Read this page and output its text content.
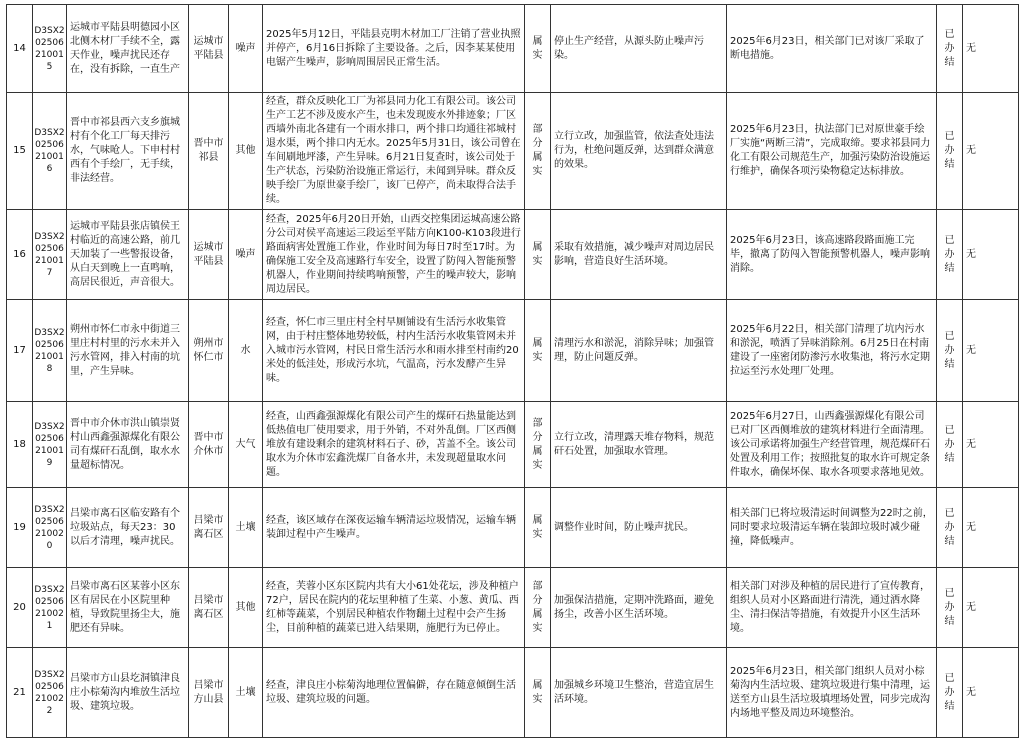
14	D3SX202506210015	运城市平陆县明德园小区北侧木材厂手续不全，露天作业，噪声扰民还存在，没有拆除，一直生产	运城市平陆县	噪声	2025年5月12日，平陆县克明木材加工厂注销了营业执照并停产，6月16日拆除了主要设备。之后，因李某某使用电锯产生噪声，影响周围居民正常生活。	属实	停止生产经营，从源头防止噪声污染。	2025年6月23日，相关部门已对该厂采取了断电措施。	已办结	无
15	D3SX202506210016	晋中市祁县西六支乡旗城村有个化工厂每天排污水，气味呛人。下申村村西有个手绘厂，无手续，非法经营。	晋中市祁县	其他	经查，群众反映化工厂为祁县同力化工有限公司。该公司生产工艺不涉及废水产生，也未发现废水外排迹象；厂区西墙外南北各建有一个雨水排口，两个排口均通往祁城村退水渠，两个排口内无水。2025年5月31日，该公司曾在车间刷地坪漆，产生异味。6月21日复查时，该公司处于生产状态，污染防治设施正常运行，未闻到异味。群众反映手绘厂为原世豪手绘厂，该厂已停产，尚未取得合法手续。	部分属实	立行立改，加强监管，依法查处违法行为，杜绝问题反弹，达到群众满意的效果。	2025年6月23日，执法部门已对原世豪手绘厂实施“两断三清”，完成取缔。要求祁县同力化工有限公司规范生产，加强污染防治设施运行维护，确保各项污染物稳定达标排放。	已办结	无
16	D3SX202506210017	运城市平陆县张店镇侯王村临近的高速公路，前几天加装了一些警报设备，从白天到晚上一直鸣响，高居民很近，声音很大。	运城市平陆县	噪声	经查，2025年6月20日开始，山西交控集团运城高速公路分公司对侯平高速运三段运至平陆方向K100-K103段进行路面病害处置施工作业，作业时间为每日7时至17时。为确保施工安全及高速路行车安全，设置了防闯入智能预警机器人，作业期间持续鸣响预警，产生的噪声较大，影响周边居民。	属实	采取有效措施，减少噪声对周边居民影响，营造良好生活环境。	2025年6月23日，该高速路段路面施工完毕，撤离了防闯入智能预警机器人，噪声影响消除。	已办结	无
17	D3SX202506210018	朔州市怀仁市永中街道三里庄村村里的污水未并入污水管网，排入村南的坑里，产生异味。	朔州市怀仁市	水	经查，怀仁市三里庄村全村早厕铺设有生活污水收集管网，由于村庄整体地势较低，村内生活污水收集管网未并入城市污水管网，村民日常生活污水和雨水排至村南约20米处的低洼处，形成污水坑，气温高，污水发酵产生异味。	属实	清理污水和淤泥，消除异味；加强管理，防止问题反弹。	2025年6月22日，相关部门清理了坑内污水和淤泥，喷洒了异味消除剂。6月25日在村南建设了一座密闭防渗污水收集池，将污水定期拉运至污水处理厂处理。	已办结	无
18	D3SX202506210019	晋中市介休市洪山镇崇贤村山西鑫强源煤化有限公司有煤矸石乱倒，取水水量超标情况。	晋中市介休市	大气	经查，山西鑫强源煤化有限公司产生的煤矸石热量能达到低热值电厂使用要求，用于外销，不对外乱倒。厂区西侧堆放有建设剩余的建筑材料石子、砂，苫盖不全。该公司取水为介休市宏鑫洗煤厂自备水井，未发现超量取水问题。	部分属实	立行立改，清理露天堆存物料，规范矸石处置，加强取水管理。	2025年6月27日，山西鑫强源煤化有限公司已对厂区西侧堆放的建筑材料进行全面清理。该公司承诺将加强生产经营管理，规范煤矸石处置及利用工作；按照批复的取水许可规定条件取水，确保坏保、取水各项要求落地见效。	已办结	无
19	D3SX202506210020	吕梁市离石区临安路有个垃圾站点，每天23：30以后才清理，噪声扰民。	吕梁市离石区	土壤	经查，该区域存在深夜运输车辆清运垃圾情况，运输车辆装卸过程中产生噪声。	属实	调整作业时间，防止噪声扰民。	相关部门已将垃圾清运时间调整为22时之前，同时要求垃圾清运车辆在装卸垃圾时减少碰撞，降低噪声。	已办结	无
20	D3SX202506210021	吕梁市离石区某蓉小区东区有居民在小区院里种植，导致院里扬尘大，施肥还有异味。	吕梁市离石区	其他	经查，芙蓉小区东区院内共有大小61处花坛，涉及种植户72户，居民在院内的花坛里种植了生菜、小葱、黄瓜、西红柿等蔬菜，个别居民种植农作物翻土过程中会产生扬尘，目前种植的蔬菜已进入结果期，施肥行为已停止。	部分属实	加强保洁措施，定期冲洗路面，避免扬尘，改善小区生活环境。	相关部门对涉及种植的居民进行了宣传教育，组织人员对小区路面进行清洗，通过洒水降尘、清扫保洁等措施，有效提升小区生活环境。	已办结	无
21	D3SX202506210022	吕梁市方山县圪洞镇津良庄小棕菊沟内堆放生活垃圾、建筑垃圾。	吕梁市方山县	土壤	经查，津良庄小棕菊沟地理位置偏僻，存在随意倾倒生活垃圾、建筑垃圾的问题。	属实	加强城乡环境卫生整治，营造宜居生活环境。	2025年6月23日，相关部门组织人员对小棕菊沟内生活垃圾、建筑垃圾进行集中清理，运送至方山县生活垃圾填埋场处置，同步完成沟内场地平整及周边环境整治。	已办结	无
